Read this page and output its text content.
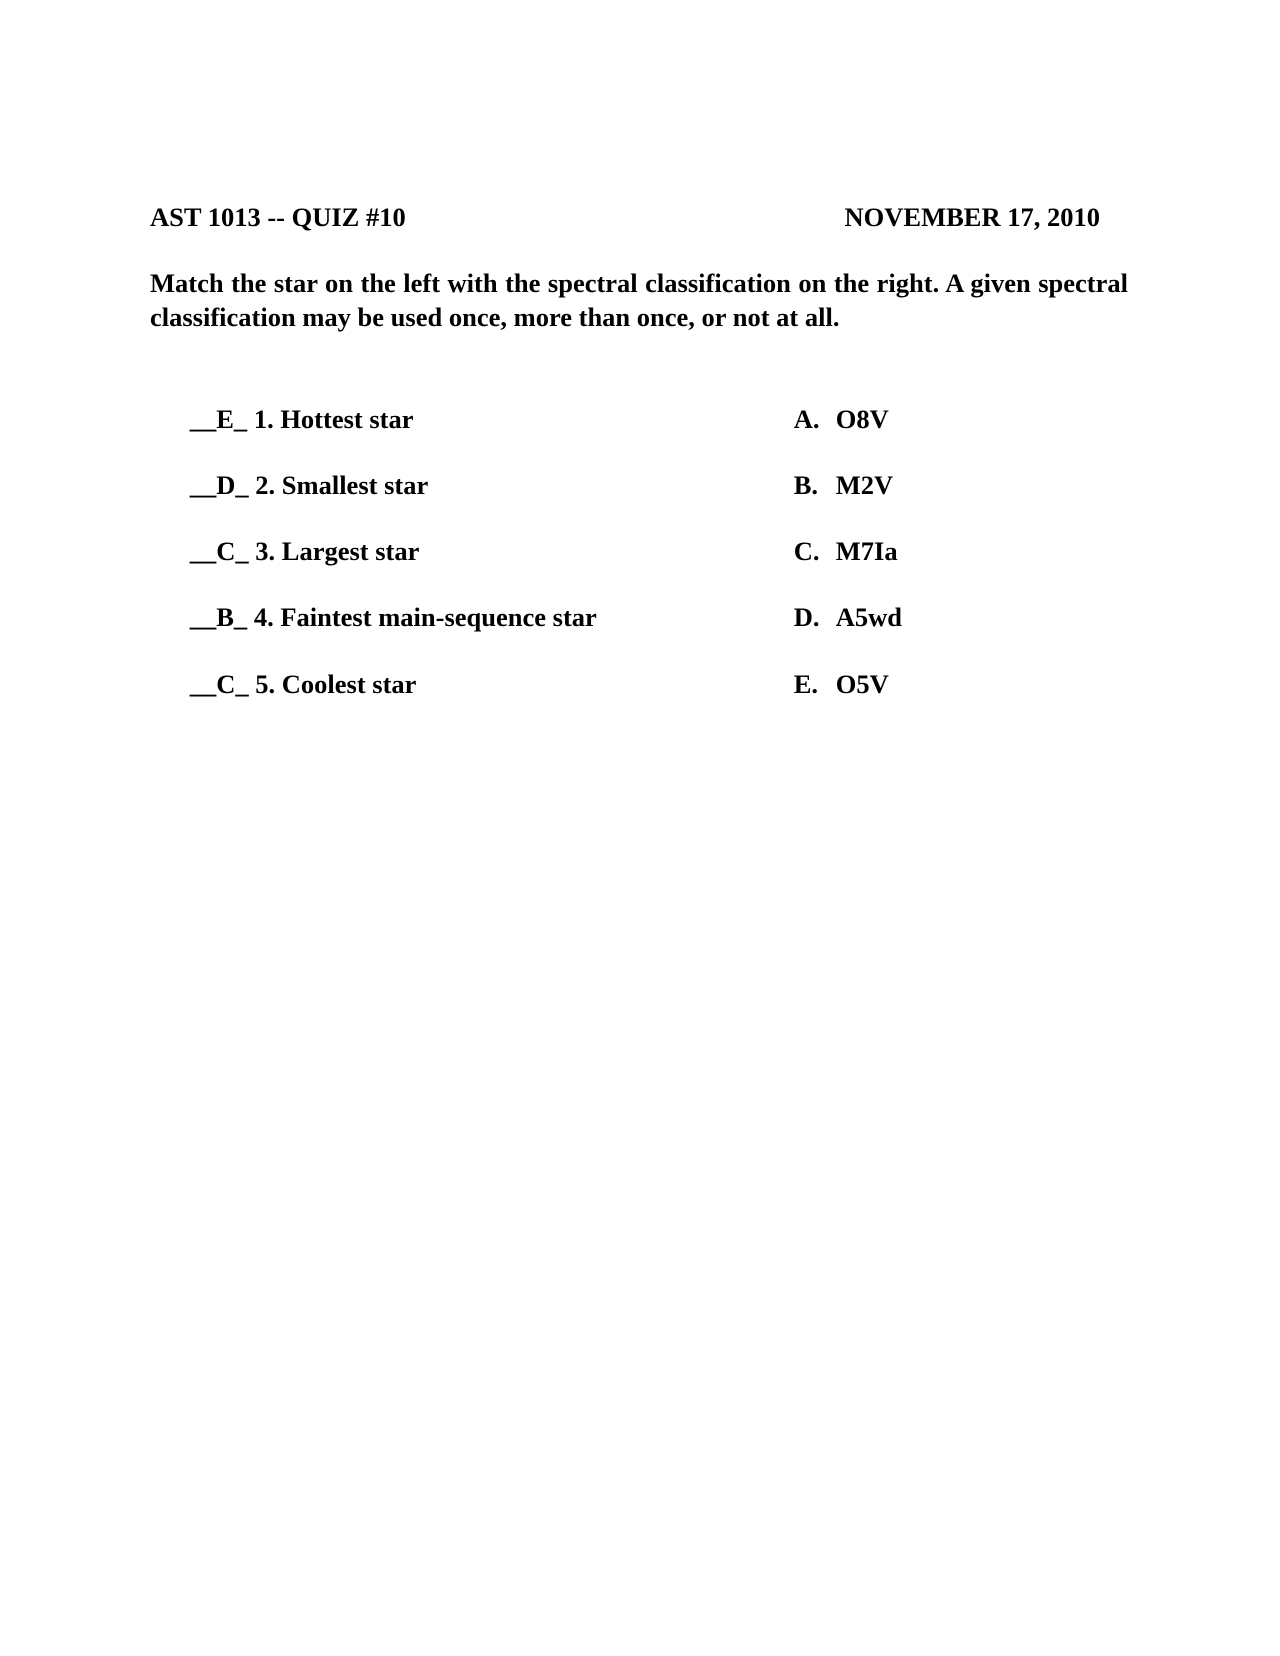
AST 1013 -- QUIZ #10	NOVEMBER 17, 2010

Match the star on the left with the spectral classification on the right. A given spectral classification may be used once, more than once, or not at all.

__E_ 1. Hottest star

__D_ 2. Smallest star

__C_ 3. Largest star

__B_ 4. Faintest main-sequence star

__C_ 5. Coolest star

A. O8V

B. M2V

C. M7Ia

D. A5wd

E. O5V
